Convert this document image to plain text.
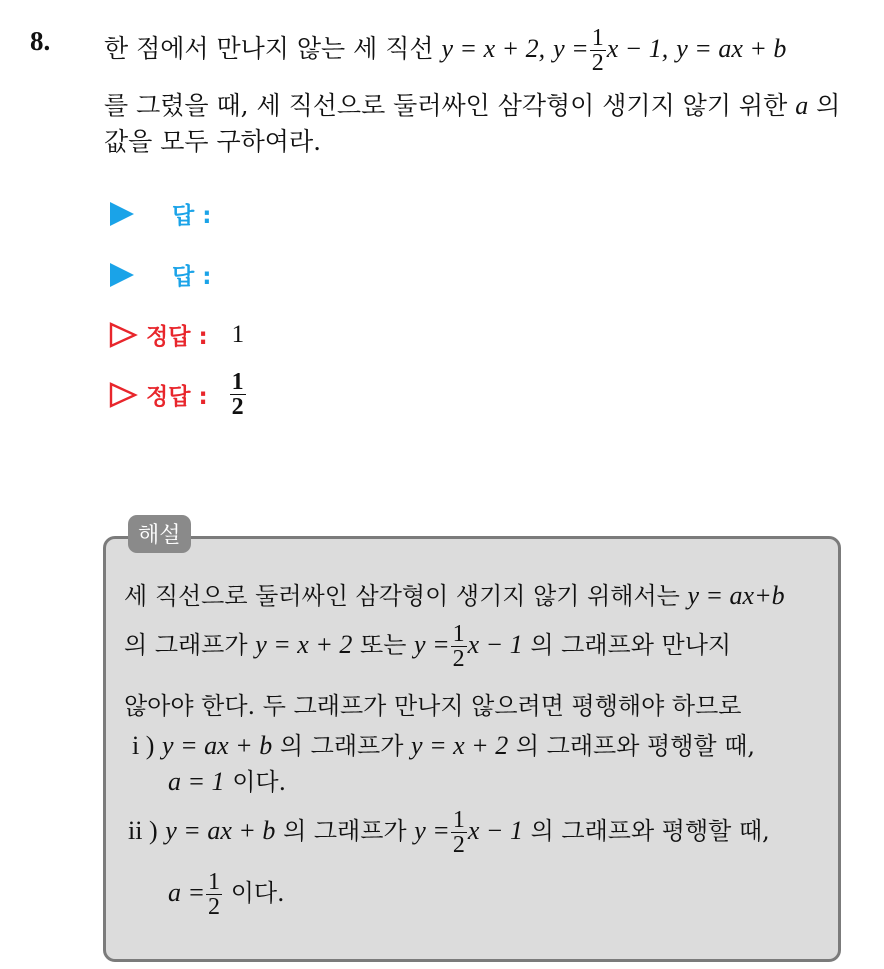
8. 한 점에서 만나지 않는 세 직선 y = x + 2, $y = \frac{1}{2}$ x − 1, y = ax + b
를 그렸을 때, 세 직선으로 둘러싸인 삼각형이 생기지 않기 위한 a 의
값을 모두 구하여라.
답 :
답 :
정답 : 1
정답 : $\frac{1}{2}$
해설
세 직선으로 둘러싸인 삼각형이 생기지 않기 위해서는 y = ax+b
의 그래프가 y = x + 2 또는 $y = \frac{1}{2}$ x − 1 의 그래프와 만나지
않아야 한다. 두 그래프가 만나지 않으려면 평행해야 하므로
i ) y = ax + b 의 그래프가 y = x + 2 의 그래프와 평행할 때,
a = 1 이다.
ii ) y = ax + b 의 그래프가 $y = \frac{1}{2}$ x − 1 의 그래프와 평행할 때,
$a = \frac{1}{2}$ 이다.
